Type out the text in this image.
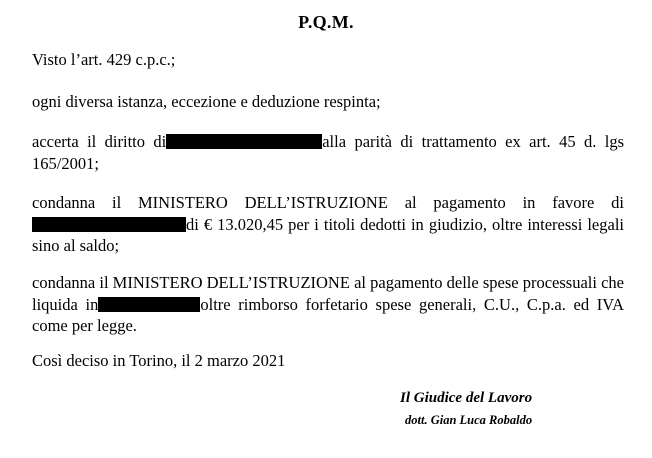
P.Q.M.
Visto l’art. 429 c.p.c.;
ogni diversa istanza, eccezione e deduzione respinta;
accerta il diritto di	alla parità di trattamento ex art. 45 d. lgs 165/2001;
condanna il MINISTERO DELL’ISTRUZIONE al pagamento in favore di di € 13.020,45 per i titoli dedotti in giudizio, oltre interessi legali sino al saldo;
condanna il MINISTERO DELL’ISTRUZIONE al pagamento delle spese processuali che liquida in	oltre rimborso forfetario spese generali, C.U., C.p.a. ed IVA come per legge.
Così deciso in Torino, il 2 marzo 2021
Il Giudice del Lavoro
dott. Gian Luca Robaldo
